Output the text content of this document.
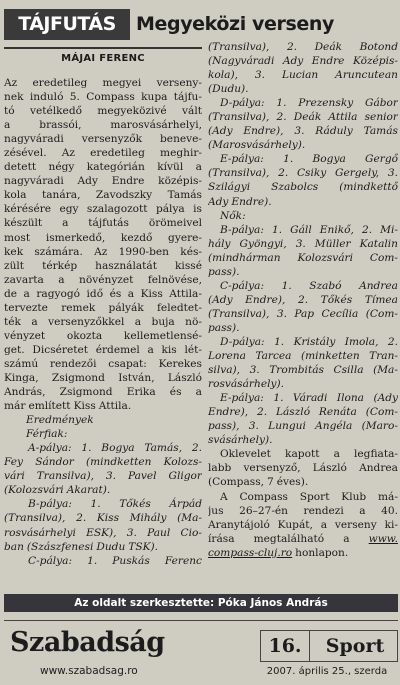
TÁJFUTÁS	Megyeközi verseny
MÁJAI FERENC
Az eredetileg megyei verseny-
nek induló 5. Compass kupa tájfu-
tó vetélkedő megyeközivé vált
a	brassói,	marosvásárhelyi,
nagyváradi versenyzők beneve-
zésével. Az eredetileg meghir-
detett négy kategórián kívül a
nagyváradi Ady Endre középis-
kola tanára, Zavodszky Tamás
kérésére egy szalagozott pálya is
készült a tájfutás örömeivel
most ismerkedő, kezdő gyere-
kek számára. Az 1990-ben kés-
zült térkép használatát kissé
zavarta a növényzet felnövése,
de a ragyogó idő és a Kiss Attila-
tervezte remek pályák feledtet-
ték a versenyzőkkel a buja nö-
vényzet okozta kellemetlensé-
get. Dicséretet érdemel a kis lét-
számú rendezői csapat: Kerekes
Kinga, Zsigmond István, László
András, Zsigmond Erika és a
már említett Kiss Attila.
Eredmények
Férfiak:
A-pálya: 1. Bogya Tamás, 2.
Fey Sándor (mindketten Kolozs-
vári Transilva), 3. Pavel Gligor
(Kolozsvári Akarat).
B-pálya: 1. Tőkés Árpád
(Transilva), 2. Kiss Mihály (Ma-
rosvásárhelyi ESK), 3. Paul Cio-
ban (Szászfenesi Dudu TSK).
C-pálya: 1. Puskás Ferenc
(Transilva), 2. Deák Botond
(Nagyváradi Ady Endre Középis-
kola), 3. Lucian Aruncutean
(Dudu).
D-pálya: 1. Prezensky Gábor
(Transilva), 2. Deák Attila senior
(Ady Endre), 3. Ráduly Tamás
(Marosvásárhely).
E-pálya: 1. Bogya Gergő
(Transilva), 2. Csiky Gergely, 3.
Szilágyi Szabolcs (mindkettő
Ady Endre).
Nők:
B-pálya: 1. Gáll Enikő, 2. Mi-
hály Gyöngyi, 3. Müller Katalin
(mindhárman Kolozsvári Com-
pass).
C-pálya: 1. Szabó Andrea
(Ady Endre), 2. Tőkés Tímea
(Transilva), 3. Pap Cecília (Com-
pass).
D-pálya: 1. Kristály Imola, 2.
Lorena Tarcea (minketten Tran-
silva), 3. Trombitás Csilla (Ma-
rosvásárhely).
E-pálya: 1. Váradi Ilona (Ady
Endre), 2. László Renáta (Com-
pass), 3. Lungui Angéla (Maro-
svásárhely).
Oklevelet kapott a legfiata-
labb versenyző, László Andrea
(Compass, 7 éves).
A Compass Sport Klub má-
jus 26–27-én rendezi a 40.
Aranytájoló Kupát, a verseny ki-
írása megtalálható a www.
compass-cluj.ro honlapon.
Az oldalt szerkesztette: Póka János András
Szabadság
www.szabadsag.ro
16.	Sport
2007. április 25., szerda
